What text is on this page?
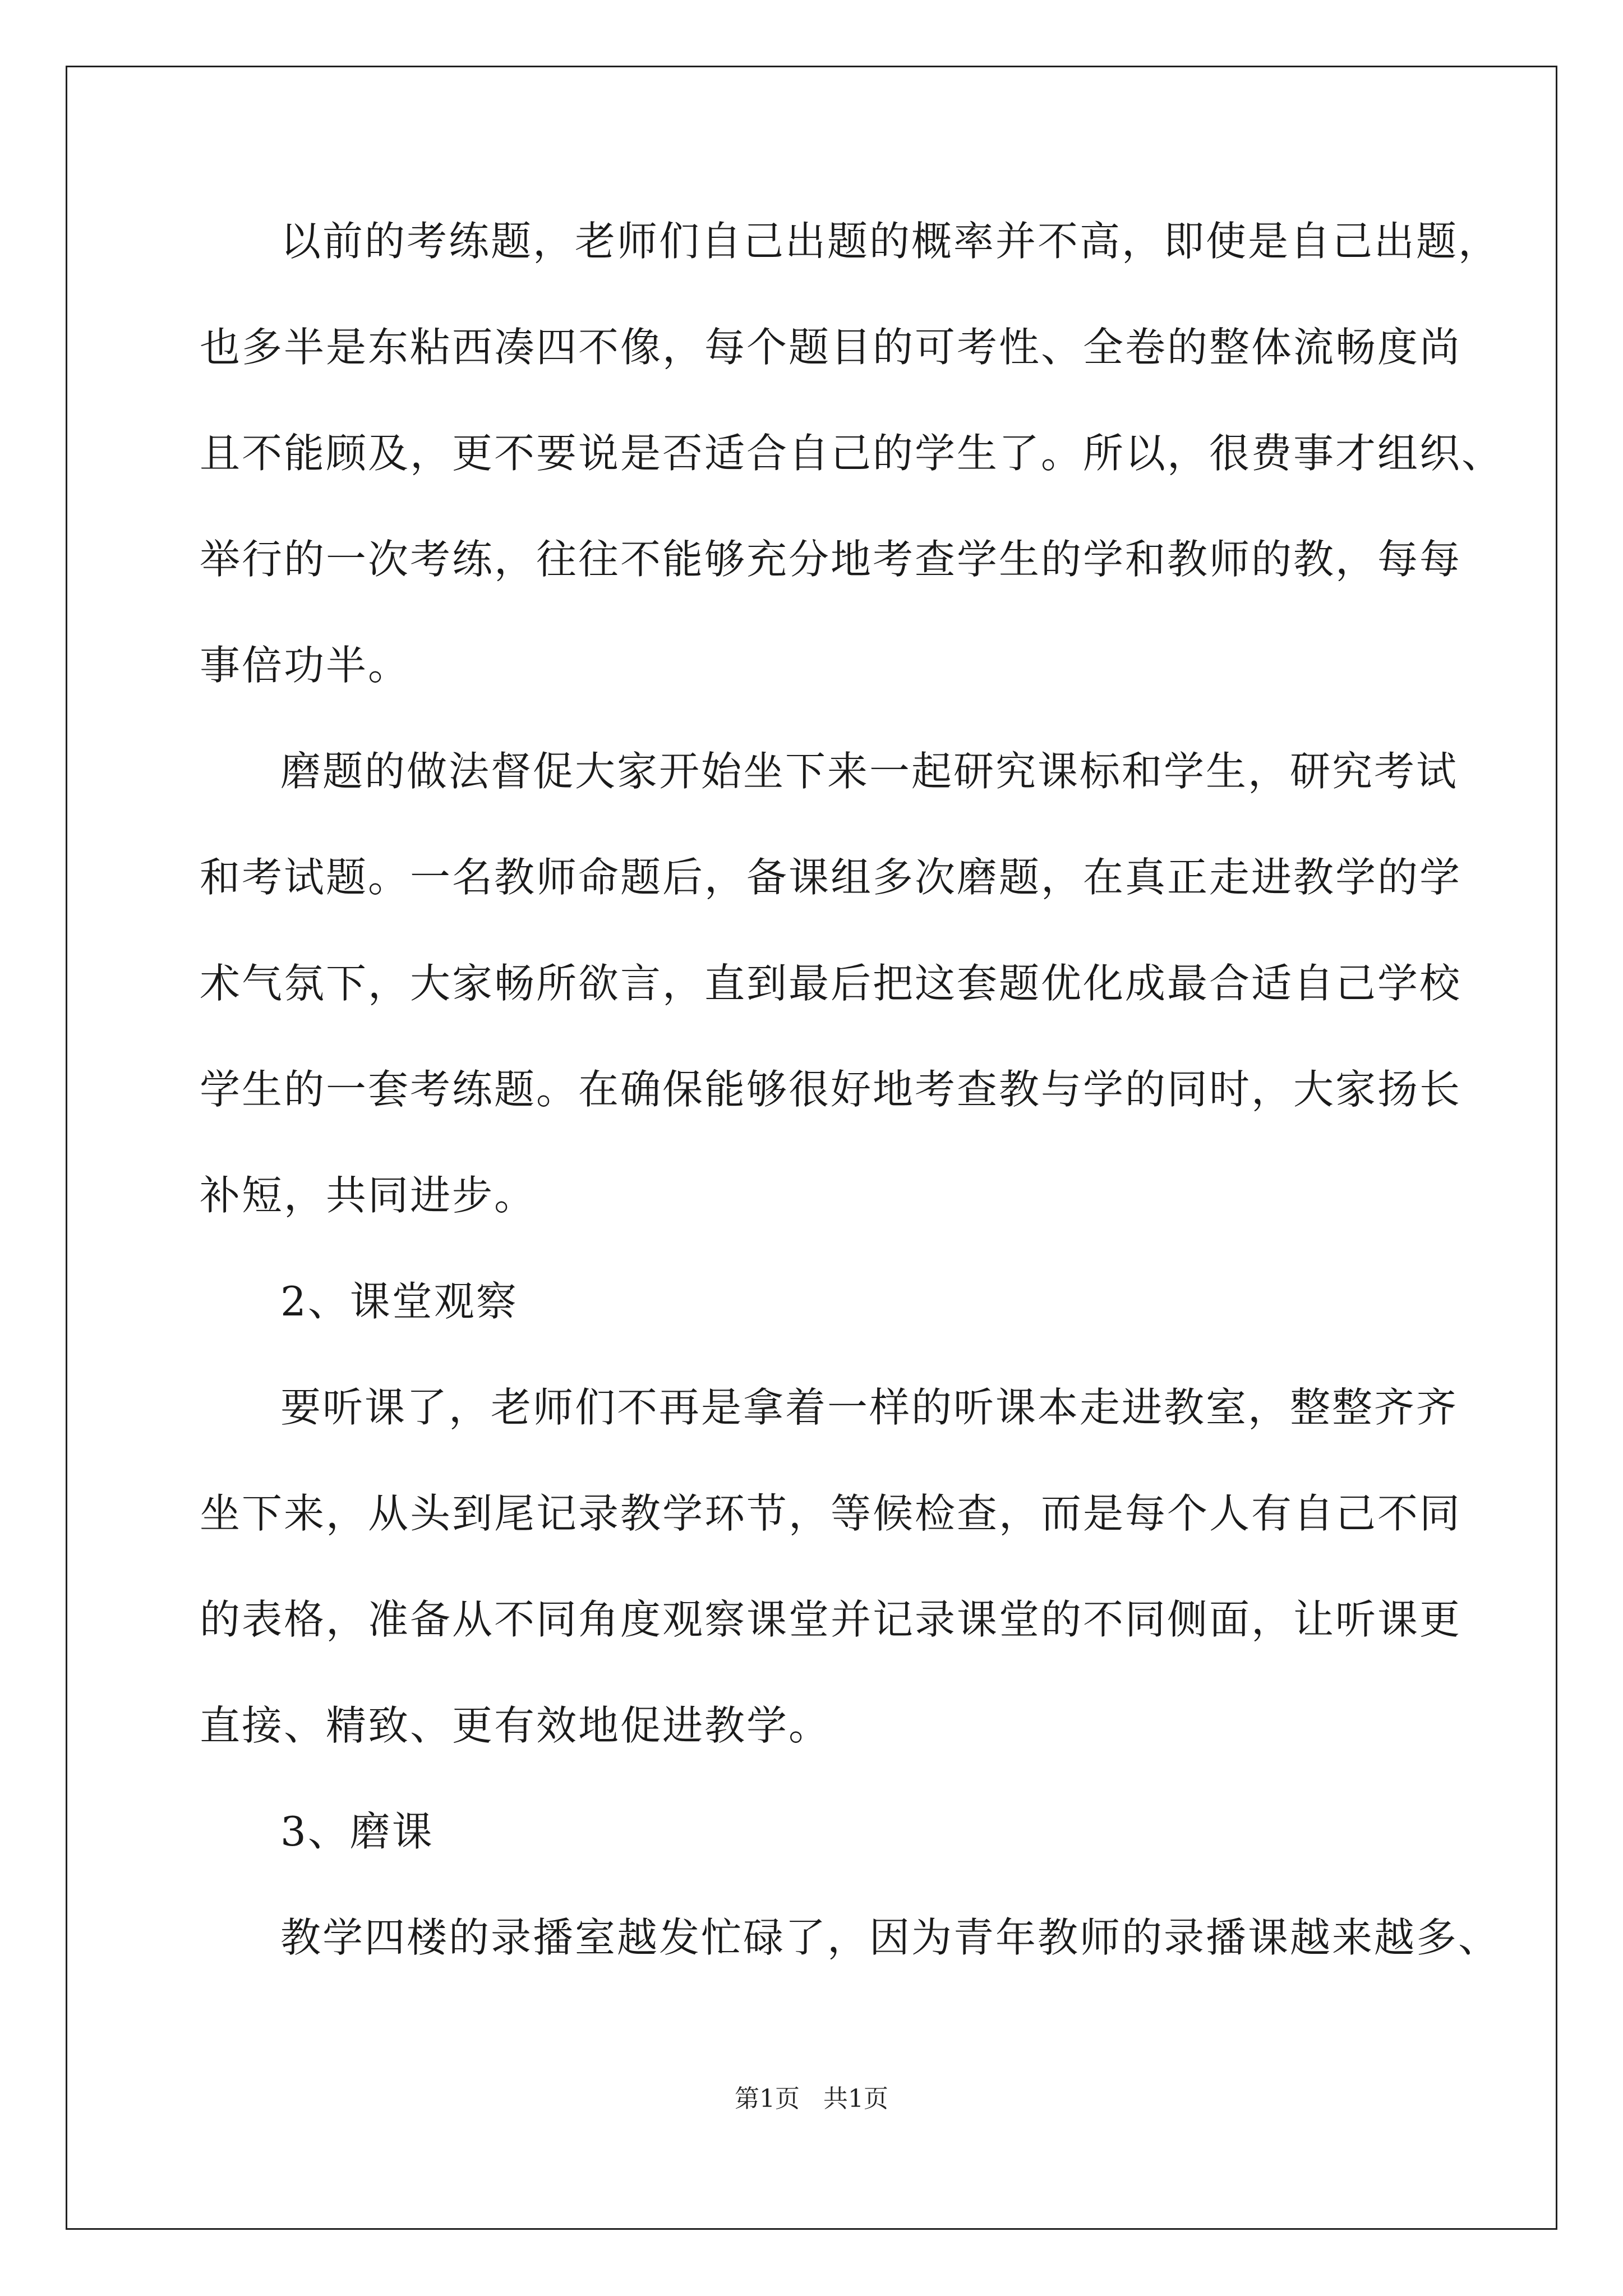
以前的考练题，老师们自己出题的概率并不高，即使是自己出题，
也多半是东粘西凑四不像，每个题目的可考性、全卷的整体流畅度尚
且不能顾及，更不要说是否适合自己的学生了。所以，很费事才组织、
举行的一次考练，往往不能够充分地考查学生的学和教师的教，每每
事倍功半。
磨题的做法督促大家开始坐下来一起研究课标和学生，研究考试
和考试题。一名教师命题后，备课组多次磨题，在真正走进教学的学
术气氛下，大家畅所欲言，直到最后把这套题优化成最合适自己学校
学生的一套考练题。在确保能够很好地考查教与学的同时，大家扬长
补短，共同进步。
2、课堂观察
要听课了，老师们不再是拿着一样的听课本走进教室，整整齐齐
坐下来，从头到尾记录教学环节，等候检查，而是每个人有自己不同
的表格，准备从不同角度观察课堂并记录课堂的不同侧面，让听课更
直接、精致、更有效地促进教学。
3、磨课
教学四楼的录播室越发忙碌了，因为青年教师的录播课越来越多、
第1页   共1页
